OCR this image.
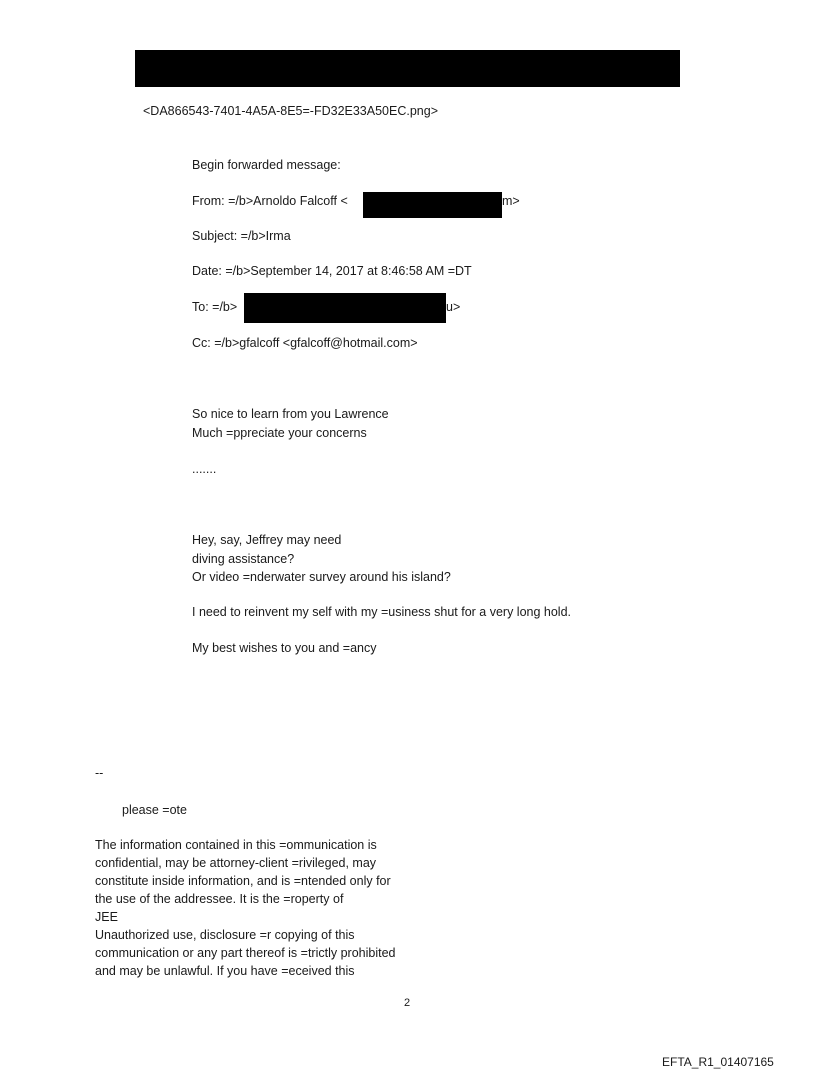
<DA866543-7401-4A5A-8E5=-FD32E33A50EC.png>
Begin forwarded message:
From: =/b>Arnoldo Falcoff <	m>
Subject: =/b>Irma
Date: =/b>September 14, 2017 at 8:46:58 AM =DT
To: =/b>	u>
Cc: =/b>gfalcoff <gfalcoff@hotmail.com>
So nice to learn from you Lawrence
Much =ppreciate your concerns
.......
Hey, say, Jeffrey may need
diving assistance?
Or video =nderwater survey around his island?
I need to reinvent my self with my =usiness shut for a very long hold.
My best wishes to you and =ancy
--
please =ote
The information contained in this =ommunication is
confidential, may be attorney-client =rivileged, may
constitute inside information, and is =ntended only for
the use of the addressee. It is the =roperty of
JEE
Unauthorized use, disclosure =r copying of this
communication or any part thereof is =trictly prohibited
and may be unlawful. If you have =eceived this
2
EFTA_R1_01407165
